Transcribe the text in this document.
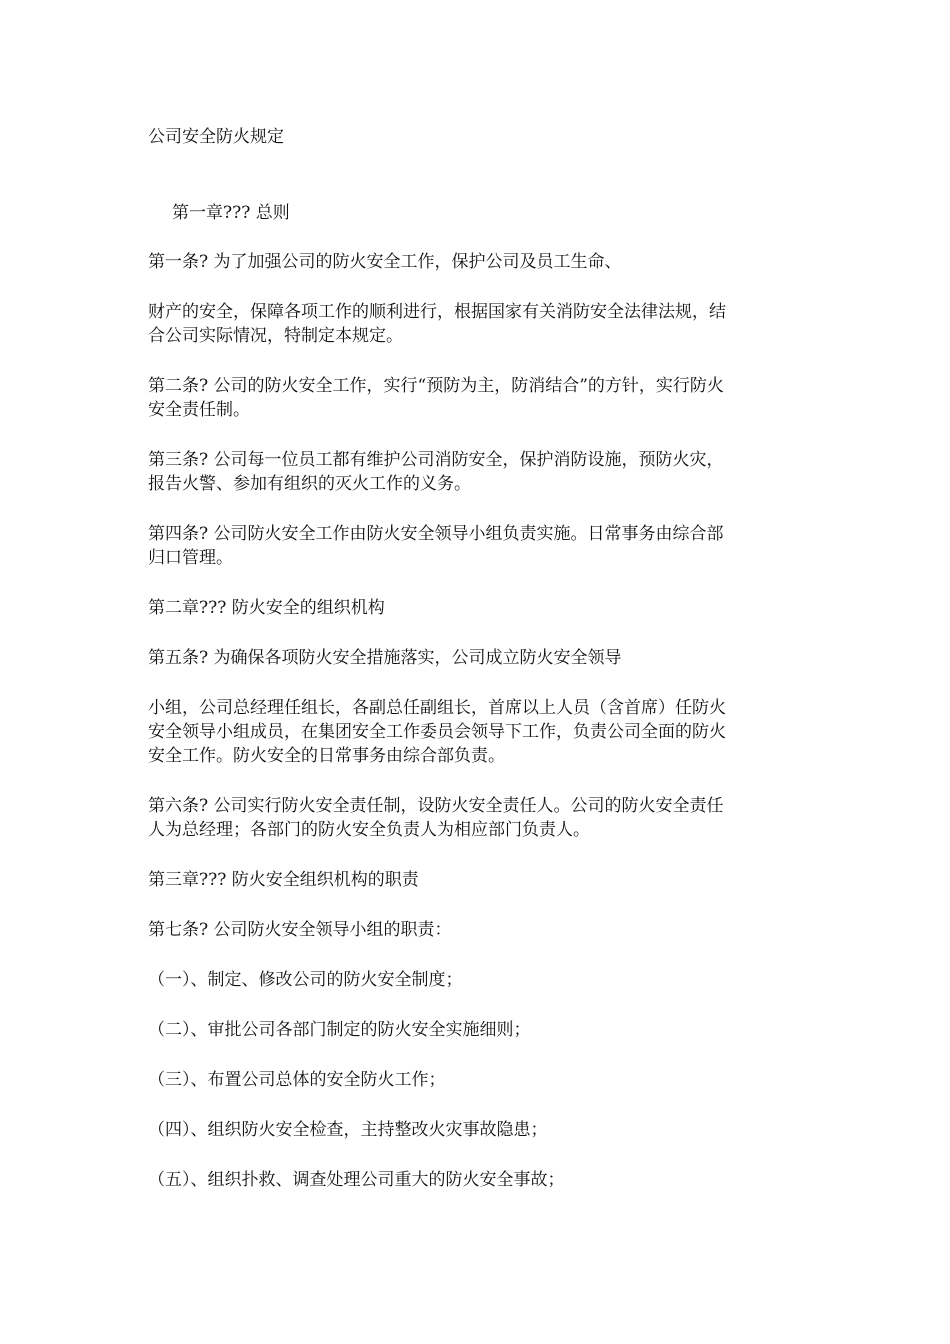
公司安全防火规定
第一章??? 总则
第一条? 为了加强公司的防火安全工作，保护公司及员工生命、
财产的安全，保障各项工作的顺利进行，根据国家有关消防安全法律法规，结
合公司实际情况，特制定本规定。
第二条? 公司的防火安全工作，实行“预防为主，防消结合”的方针，实行防火
安全责任制。
第三条? 公司每一位员工都有维护公司消防安全，保护消防设施，预防火灾，
报告火警、参加有组织的灭火工作的义务。
第四条? 公司防火安全工作由防火安全领导小组负责实施。日常事务由综合部
归口管理。
第二章??? 防火安全的组织机构
第五条? 为确保各项防火安全措施落实，公司成立防火安全领导
小组，公司总经理任组长，各副总任副组长，首席以上人员（含首席）任防火
安全领导小组成员，在集团安全工作委员会领导下工作，负责公司全面的防火
安全工作。防火安全的日常事务由综合部负责。
第六条? 公司实行防火安全责任制，设防火安全责任人。公司的防火安全责任
人为总经理；各部门的防火安全负责人为相应部门负责人。
第三章??? 防火安全组织机构的职责
第七条? 公司防火安全领导小组的职责：
（一）、制定、修改公司的防火安全制度；
（二）、审批公司各部门制定的防火安全实施细则；
（三）、布置公司总体的安全防火工作；
（四）、组织防火安全检查，主持整改火灾事故隐患；
（五）、组织扑救、调查处理公司重大的防火安全事故；
